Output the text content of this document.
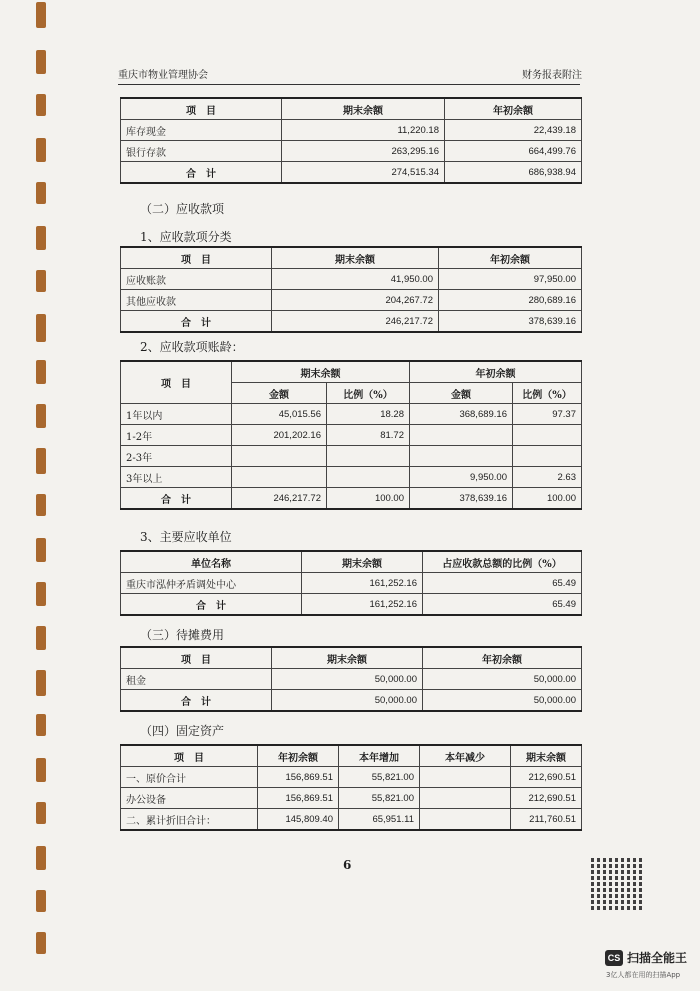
重庆市物业管理协会	财务报表附注
项　目	期末余额	年初余额
库存现金	11,220.18	22,439.18
银行存款	263,295.16	664,499.76
合　计	274,515.34	686,938.94
（二）应收款项
1、应收款项分类
项　目	期末余额	年初余额
应收账款	41,950.00	97,950.00
其他应收款	204,267.72	280,689.16
合　计	246,217.72	378,639.16
2、应收款项账龄：
项　目	期末余额		年初余额	
	金额	比例（%）	金额	比例（%）
1年以内	45,015.56	18.28	368,689.16	97.37
1-2年	201,202.16	81.72		
2-3年				
3年以上			9,950.00	2.63
合　计	246,217.72	100.00	378,639.16	100.00
3、主要应收单位
单位名称	期末余额	占应收款总额的比例（%）
重庆市泓仲矛盾调处中心	161,252.16	65.49
合　计	161,252.16	65.49
（三）待摊费用
项　目	期末余额	年初余额
租金	50,000.00	50,000.00
合　计	50,000.00	50,000.00
（四）固定资产
项　目	年初余额	本年增加	本年减少	期末余额
一、原价合计	156,869.51	55,821.00		212,690.51
办公设备	156,869.51	55,821.00		212,690.51
二、累计折旧合计：	145,809.40	65,951.11		211,760.51
6
CS 扫描全能王
3亿人都在用的扫描App
